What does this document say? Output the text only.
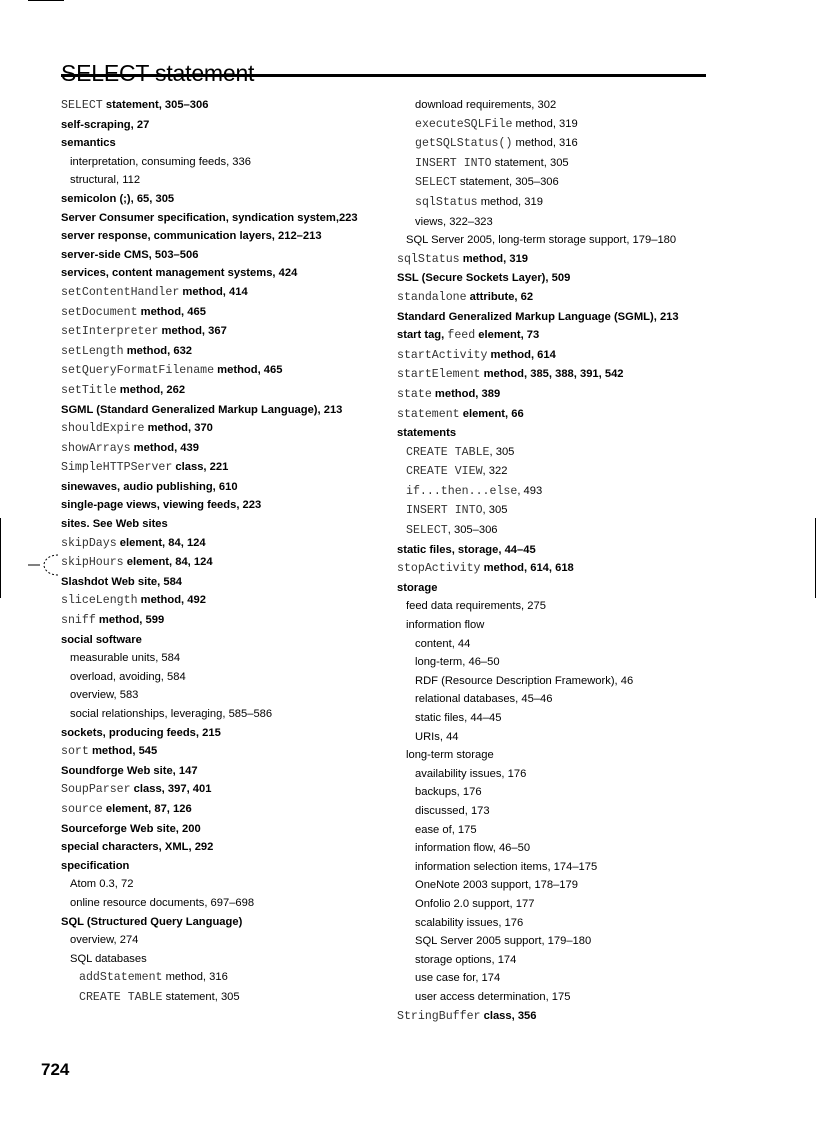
SELECT statement, 305–306
self-scraping, 27
semantics
interpretation, consuming feeds, 336
structural, 112
semicolon (;), 65, 305
Server Consumer specification, syndication system,223
server response, communication layers, 212–213
server-side CMS, 503–506
services, content management systems, 424
setContentHandler method, 414
setDocument method, 465
setInterpreter method, 367
setLength method, 632
setQueryFormatFilename method, 465
setTitle method, 262
SGML (Standard Generalized Markup Language), 213
shouldExpire method, 370
showArrays method, 439
SimpleHTTPServer class, 221
sinewaves, audio publishing, 610
single-page views, viewing feeds, 223
sites. See Web sites
skipDays element, 84, 124
skipHours element, 84, 124
Slashdot Web site, 584
sliceLength method, 492
sniff method, 599
social software
measurable units, 584
overload, avoiding, 584
overview, 583
social relationships, leveraging, 585–586
sockets, producing feeds, 215
sort method, 545
Soundforge Web site, 147
SoupParser class, 397, 401
source element, 87, 126
Sourceforge Web site, 200
special characters, XML, 292
specification
Atom 0.3, 72
online resource documents, 697–698
SQL (Structured Query Language)
overview, 274
SQL databases
addStatement method, 316
CREATE TABLE statement, 305
download requirements, 302
executeSQLFile method, 319
getSQLStatus() method, 316
INSERT INTO statement, 305
SELECT statement, 305–306
sqlStatus method, 319
views, 322–323
SQL Server 2005, long-term storage support, 179–180
sqlStatus method, 319
SSL (Secure Sockets Layer), 509
standalone attribute, 62
Standard Generalized Markup Language (SGML), 213
start tag, feed element, 73
startActivity method, 614
startElement method, 385, 388, 391, 542
state method, 389
statement element, 66
statements
CREATE TABLE, 305
CREATE VIEW, 322
if...then...else, 493
INSERT INTO, 305
SELECT, 305–306
static files, storage, 44–45
stopActivity method, 614, 618
storage
feed data requirements, 275
information flow
content, 44
long-term, 46–50
RDF (Resource Description Framework), 46
relational databases, 45–46
static files, 44–45
URIs, 44
long-term storage
availability issues, 176
backups, 176
discussed, 173
ease of, 175
information flow, 46–50
information selection items, 174–175
OneNote 2003 support, 178–179
Onfolio 2.0 support, 177
scalability issues, 176
SQL Server 2005 support, 179–180
storage options, 174
use case for, 174
user access determination, 175
StringBuffer class, 356
724
